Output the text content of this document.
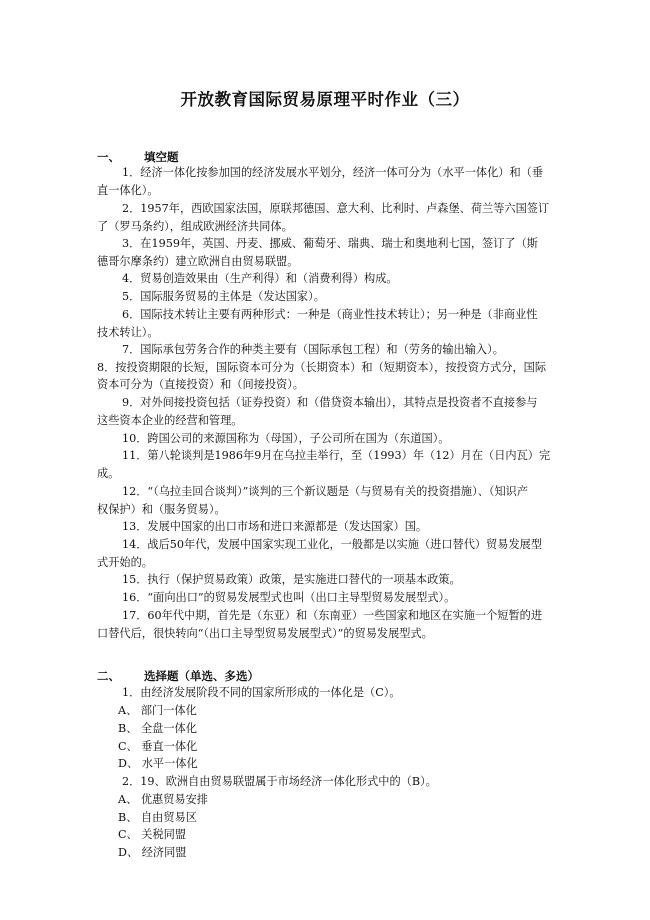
开放教育国际贸易原理平时作业（三）
一、 填空题
1．经济一体化按参加国的经济发展水平划分，经济一体可分为（水平一体化）和（垂
直一体化）。
2．1957年，西欧国家法国，原联邦德国、意大利、比利时、卢森堡、荷兰等六国签订
了（罗马条约），组成欧洲经济共同体。
3．在1959年，英国、丹麦、挪威、葡萄牙、瑞典、瑞士和奥地利七国，签订了（斯
德哥尔摩条约）建立欧洲自由贸易联盟。
4．贸易创造效果由（生产利得）和（消费利得）构成。
5．国际服务贸易的主体是（发达国家）。
6．国际技术转让主要有两种形式：一种是（商业性技术转让）；另一种是（非商业性
技术转让）。
7．国际承包劳务合作的种类主要有（国际承包工程）和（劳务的输出输入）。
8．按投资期限的长短，国际资本可分为（长期资本）和（短期资本），按投资方式分，国际
资本可分为（直接投资）和（间接投资）。
9．对外间接投资包括（证券投资）和（借贷资本输出），其特点是投资者不直接参与
这些资本企业的经营和管理。
10．跨国公司的来源国称为（母国），子公司所在国为（东道国）。
11．第八轮谈判是1986年9月在乌拉圭举行，至（1993）年（12）月在（日内瓦）完
成。
12．“（乌拉圭回合谈判）”谈判的三个新议题是（与贸易有关的投资措施）、（知识产
权保护）和（服务贸易）。
13．发展中国家的出口市场和进口来源都是（发达国家）国。
14．战后50年代，发展中国家实现工业化，一般都是以实施（进口替代）贸易发展型
式开始的。
15．执行（保护贸易政策）政策，是实施进口替代的一项基本政策。
16．“面向出口”的贸易发展型式也叫（出口主导型贸易发展型式）。
17．60年代中期，首先是（东亚）和（东南亚）一些国家和地区在实施一个短暂的进
口替代后，很快转向“（出口主导型贸易发展型式）”的贸易发展型式。
二、 选择题（单选、多选）
1．由经济发展阶段不同的国家所形成的一体化是（C）。
A、 部门一体化
B、 全盘一体化
C、 垂直一体化
D、 水平一体化
2．19、欧洲自由贸易联盟属于市场经济一体化形式中的（B）。
A、 优惠贸易安排
B、 自由贸易区
C、 关税同盟
D、 经济同盟
